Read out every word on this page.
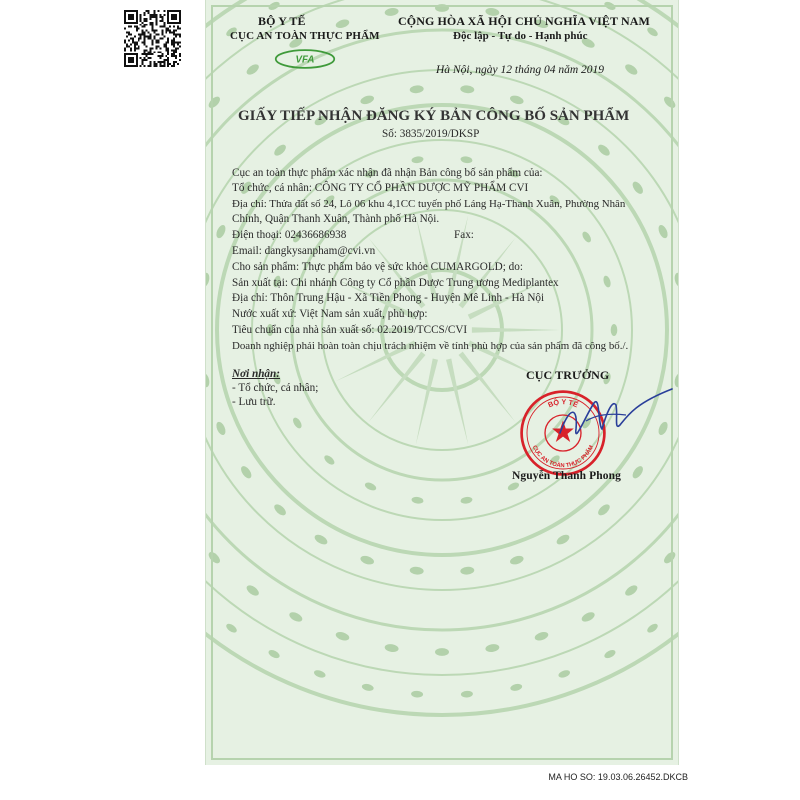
BỘ Y TẾ
CỤC AN TOÀN THỰC PHẨM
VFA
CỘNG HÒA XÃ HỘI CHỦ NGHĨA VIỆT NAM
Độc lập - Tự do - Hạnh phúc
Hà Nội, ngày 12 tháng 04 năm 2019
GIẤY TIẾP NHẬN ĐĂNG KÝ BẢN CÔNG BỐ SẢN PHẨM
Số: 3835/2019/DKSP
Cục an toàn thực phẩm xác nhận đã nhận Bản công bố sản phẩm của:
Tổ chức, cá nhân: CÔNG TY CỔ PHẦN DƯỢC MỸ PHẨM CVI
Địa chỉ: Thửa đất số 24, Lô 06 khu 4,1CC tuyến phố Láng Hạ-Thanh Xuân, Phường Nhân
Chính, Quận Thanh Xuân, Thành phố Hà Nội.
Điện thoại: 02436686938	Fax:
Email: dangkysanpham@cvi.vn
Cho sản phẩm: Thực phẩm bảo vệ sức khỏe CUMARGOLD; do:
Sản xuất tại: Chi nhánh Công ty Cổ phần Dược Trung ương Mediplantex
Địa chỉ: Thôn Trung Hậu - Xã Tiền Phong - Huyện Mê Linh - Hà Nội
Nước xuất xứ: Việt Nam sản xuất, phù hợp:
Tiêu chuẩn của nhà sản xuất số: 02.2019/TCCS/CVI
Doanh nghiệp phải hoàn toàn chịu trách nhiệm về tính phù hợp của sản phẩm đã công bố./.
Nơi nhận:
- Tổ chức, cá nhân;
- Lưu trữ.
CỤC TRƯỞNG
BỘ Y TẾ
CỤC AN TOÀN THỰC PHẨM
Nguyễn Thanh Phong
MA HO SO: 19.03.06.26452.DKCB
